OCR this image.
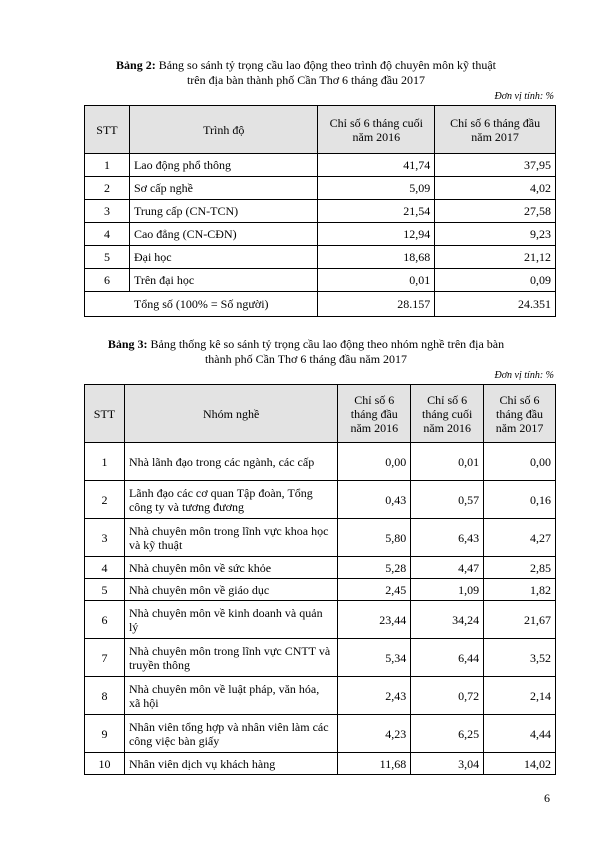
Bảng 2: Bảng so sánh tỷ trọng cầu lao động theo trình độ chuyên môn kỹ thuật
trên địa bàn thành phố Cần Thơ 6 tháng đầu 2017
Đơn vị tính: %
STT	Trình độ	Chỉ số 6 tháng cuối năm 2016	Chỉ số 6 tháng đầu năm 2017
1	Lao động phổ thông	41,74	37,95
2	Sơ cấp nghề	5,09	4,02
3	Trung cấp (CN-TCN)	21,54	27,58
4	Cao đẳng (CN-CĐN)	12,94	9,23
5	Đại học	18,68	21,12
6	Trên đại học	0,01	0,09
Tổng số (100% = Số người)		28.157	24.351
Bảng 3: Bảng thống kê so sánh tỷ trọng cầu lao động theo nhóm nghề trên địa bàn
thành phố Cần Thơ 6 tháng đầu năm 2017
Đơn vị tính: %
STT	Nhóm nghề	Chỉ số 6 tháng đầu năm 2016	Chỉ số 6 tháng cuối năm 2016	Chỉ số 6 tháng đầu năm 2017
1	Nhà lãnh đạo trong các ngành, các cấp	0,00	0,01	0,00
2	Lãnh đạo các cơ quan Tập đoàn, Tổng công ty và tương đương	0,43	0,57	0,16
3	Nhà chuyên môn trong lĩnh vực khoa học và kỹ thuật	5,80	6,43	4,27
4	Nhà chuyên môn về sức khỏe	5,28	4,47	2,85
5	Nhà chuyên môn về giáo dục	2,45	1,09	1,82
6	Nhà chuyên môn về kinh doanh và quản lý	23,44	34,24	21,67
7	Nhà chuyên môn trong lĩnh vực CNTT và truyền thông	5,34	6,44	3,52
8	Nhà chuyên môn về luật pháp, văn hóa, xã hội	2,43	0,72	2,14
9	Nhân viên tổng hợp và nhân viên làm các công việc bàn giấy	4,23	6,25	4,44
10	Nhân viên dịch vụ khách hàng	11,68	3,04	14,02
6
